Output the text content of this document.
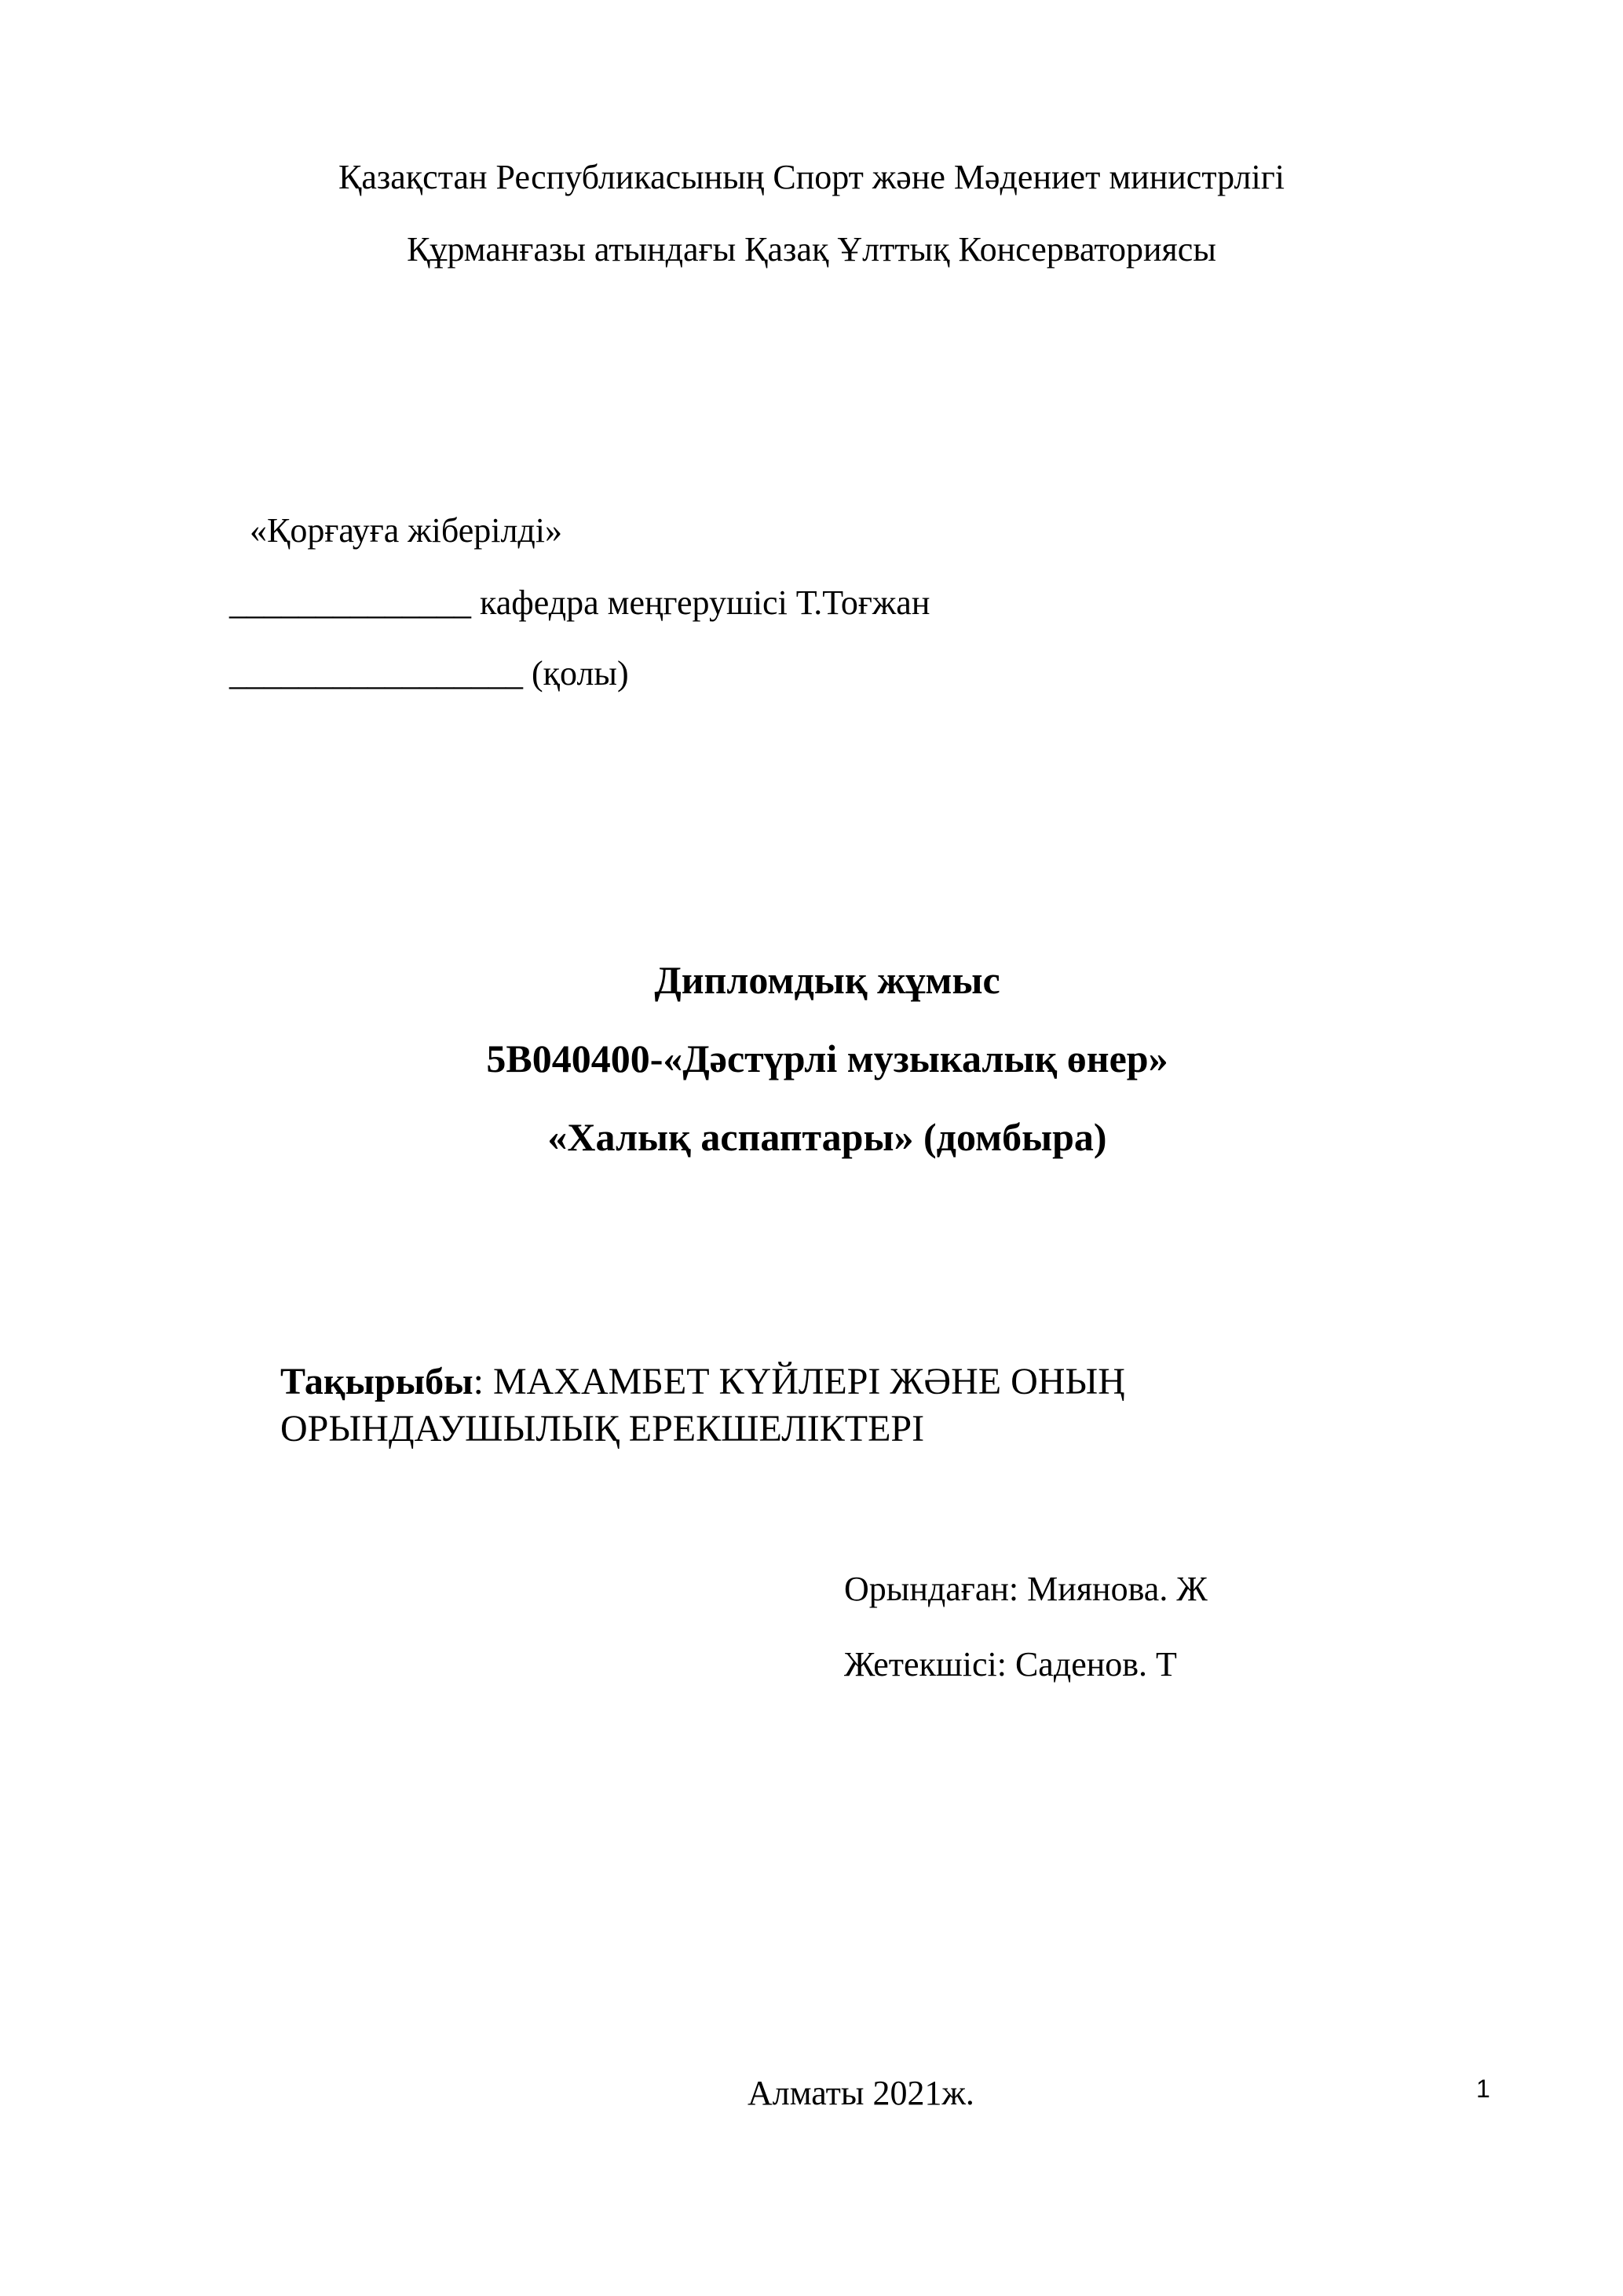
Қазақстан Республикасының Спорт және Мәдениет министрлігі
Құрманғазы атындағы Қазақ Ұлттық Консерваториясы
«Қорғауға жіберілді»
______________ кафедра меңгерушісі Т.Тоғжан
_________________ (қолы)
Дипломдық жұмыс
5В040400-«Дәстүрлі музыкалық өнер»
«Халық аспаптары» (домбыра)
Тақырыбы: МАХАМБЕТ КҮЙЛЕРІ ЖӘНЕ ОНЫҢ ОРЫНДАУШЫЛЫҚ ЕРЕКШЕЛІКТЕРІ
Орындаған: Миянова. Ж
Жетекшісі: Саденов. Т
Алматы 2021ж.	1
